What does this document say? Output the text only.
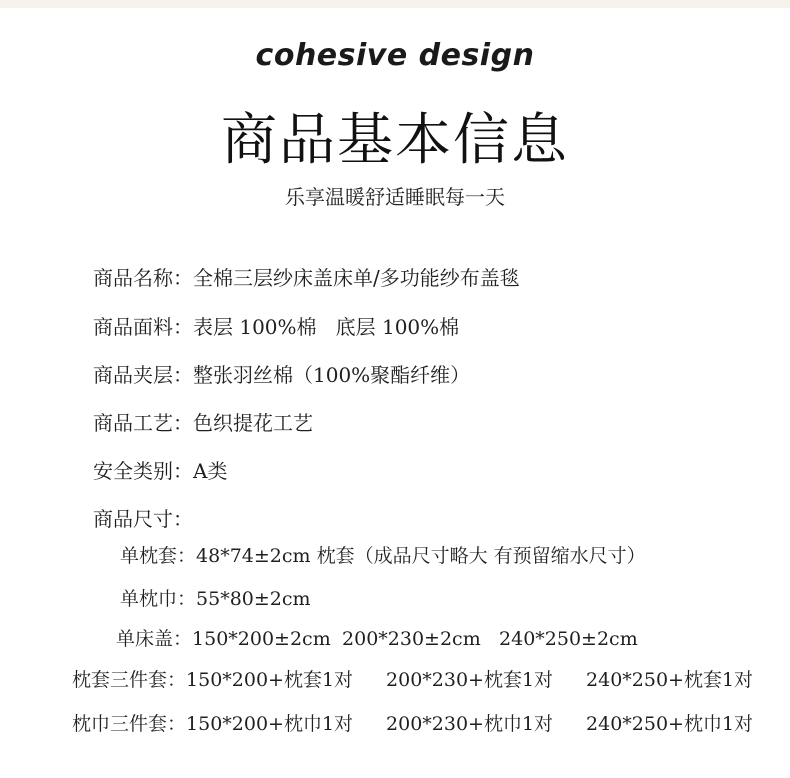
cohesive design
商品基本信息
乐享温暖舒适睡眠每一天
商品名称：全棉三层纱床盖床单/多功能纱布盖毯
商品面料：表层 100%棉   底层 100%棉
商品夹层：整张羽丝棉（100%聚酯纤维）
商品工艺：色织提花工艺
安全类别：A类
商品尺寸：
单枕套：48*74±2cm 枕套（成品尺寸略大 有预留缩水尺寸）
单枕巾：55*80±2cm
单床盖：150*200±2cm 200*230±2cm 240*250±2cm
枕套三件套：150*200+枕套1对 200*230+枕套1对 240*250+枕套1对
枕巾三件套：150*200+枕巾1对 200*230+枕巾1对 240*250+枕巾1对
